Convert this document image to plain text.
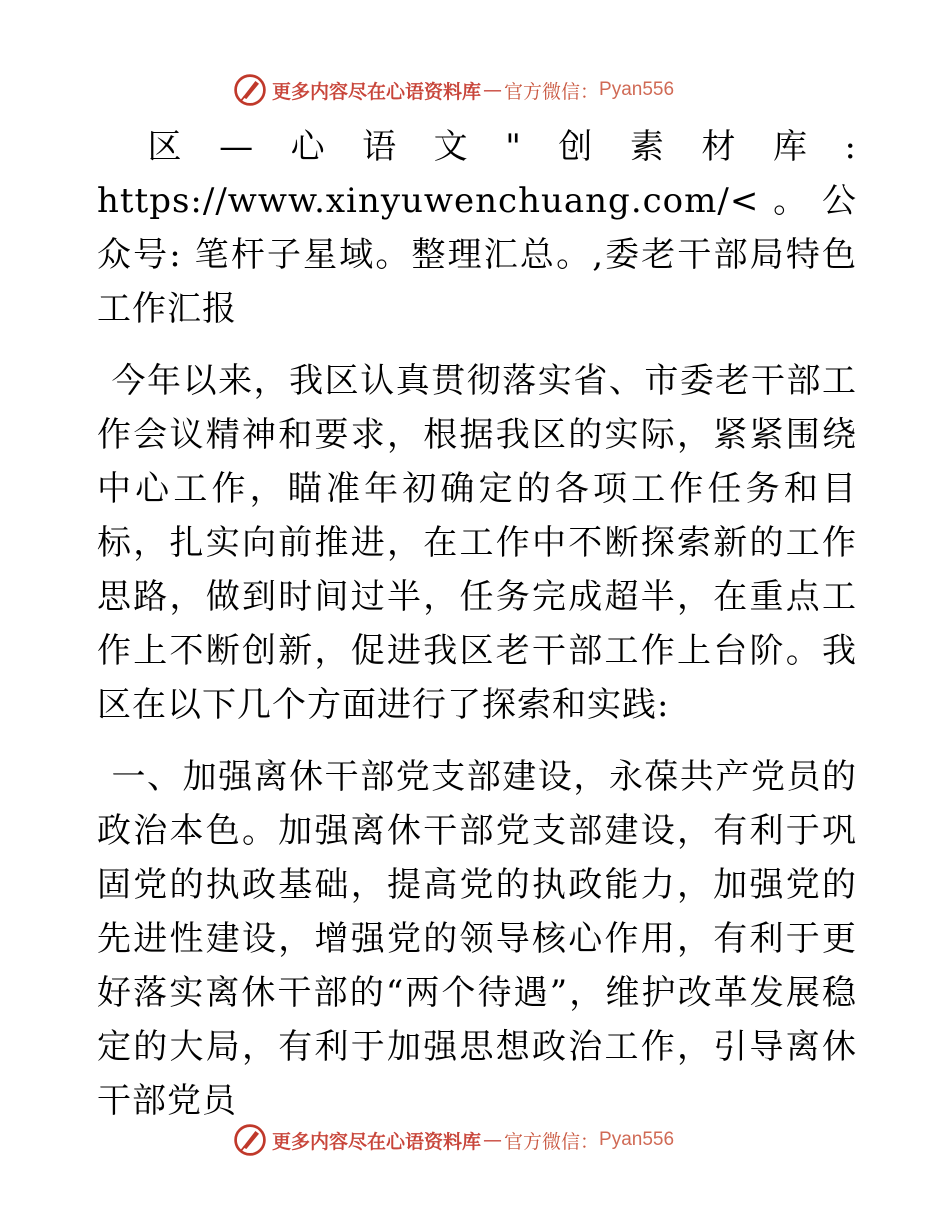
更多内容尽在心语资料库 — 官方微信： Pyan556

区—心语文"创素材库: https://www.xinyuwenchuang.com/<。公众号: 笔杆子星域。整理汇总。,委老干部局特色工作汇报

今年以来，我区认真贯彻落实省、市委老干部工作会议精神和要求，根据我区的实际，紧紧围绕中心工作，瞄准年初确定的各项工作任务和目标，扎实向前推进，在工作中不断探索新的工作思路，做到时间过半，任务完成超半，在重点工作上不断创新，促进我区老干部工作上台阶。我区在以下几个方面进行了探索和实践:

一、加强离休干部党支部建设，永葆共产党员的政治本色。加强离休干部党支部建设，有利于巩固党的执政基础，提高党的执政能力，加强党的先进性建设，增强党的领导核心作用，有利于更好落实离休干部的“两个待遇”，维护改革发展稳定的大局，有利于加强思想政治工作，引导离休干部党员

更多内容尽在心语资料库 — 官方微信： Pyan556
